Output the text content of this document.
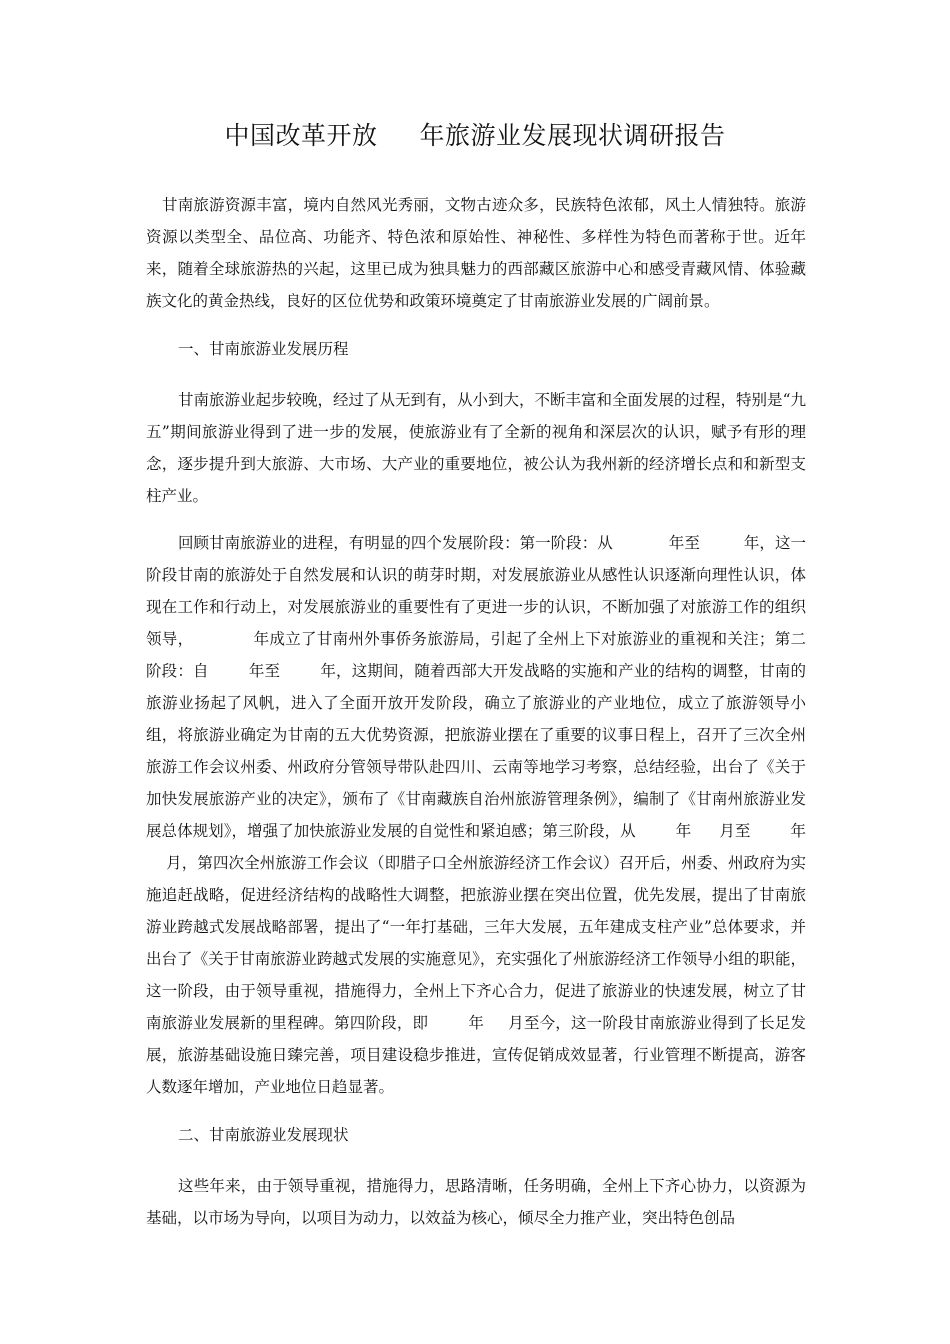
中国改革开放 年旅游业发展现状调研报告

甘南旅游资源丰富，境内自然风光秀丽，文物古迹众多，民族特色浓郁，风土人情独特。旅游资源以类型全、品位高、功能齐、特色浓和原始性、神秘性、多样性为特色而著称于世。近年来，随着全球旅游热的兴起，这里已成为独具魅力的西部藏区旅游中心和感受青藏风情、体验藏族文化的黄金热线，良好的区位优势和政策环境奠定了甘南旅游业发展的广阔前景。

一、甘南旅游业发展历程

甘南旅游业起步较晚，经过了从无到有，从小到大，不断丰富和全面发展的过程，特别是“九五”期间旅游业得到了进一步的发展，使旅游业有了全新的视角和深层次的认识，赋予有形的理念，逐步提升到大旅游、大市场、大产业的重要地位，被公认为我州新的经济增长点和和新型支柱产业。

回顾甘南旅游业的进程，有明显的四个发展阶段：第一阶段：从	年至	年，这一阶段甘南的旅游处于自然发展和认识的萌芽时期，对发展旅游业从感性认识逐渐向理性认识，体现在工作和行动上，对发展旅游业的重要性有了更进一步的认识，不断加强了对旅游工作的组织领导，	年成立了甘南州外事侨务旅游局，引起了全州上下对旅游业的重视和关注；第二阶段：自	年至	年，这期间，随着西部大开发战略的实施和产业的结构的调整，甘南的旅游业扬起了风帆，进入了全面开放开发阶段，确立了旅游业的产业地位，成立了旅游领导小组，将旅游业确定为甘南的五大优势资源，把旅游业摆在了重要的议事日程上，召开了三次全州旅游工作会议州委、州政府分管领导带队赴四川、云南等地学习考察，总结经验，出台了《关于加快发展旅游产业的决定》，颁布了《甘南藏族自治州旅游管理条例》，编制了《甘南州旅游业发展总体规划》，增强了加快旅游业发展的自觉性和紧迫感；第三阶段，从	年 月至	年月，第四次全州旅游工作会议（即腊子口全州旅游经济工作会议）召开后，州委、州政府为实施追赶战略，促进经济结构的战略性大调整，把旅游业摆在突出位置，优先发展，提出了甘南旅游业跨越式发展战略部署，提出了“一年打基础，三年大发展，五年建成支柱产业”总体要求，并出台了《关于甘南旅游业跨越式发展的实施意见》，充实强化了州旅游经济工作领导小组的职能，这一阶段，由于领导重视，措施得力，全州上下齐心合力，促进了旅游业的快速发展，树立了甘南旅游业发展新的里程碑。第四阶段，即	年 月至今，这一阶段甘南旅游业得到了长足发展，旅游基础设施日臻完善，项目建设稳步推进，宣传促销成效显著，行业管理不断提高，游客人数逐年增加，产业地位日趋显著。

二、甘南旅游业发展现状

这些年来，由于领导重视，措施得力，思路清晰，任务明确，全州上下齐心协力，以资源为基础，以市场为导向，以项目为动力，以效益为核心，倾尽全力推产业，突出特色创品
